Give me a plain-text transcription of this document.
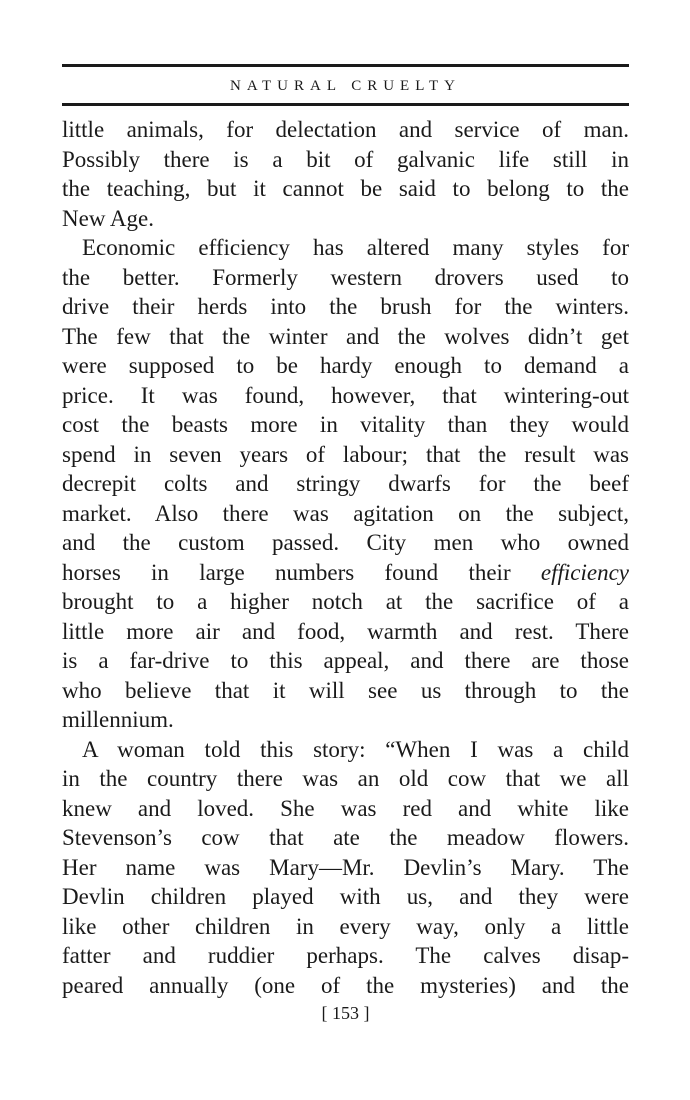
NATURAL CRUELTY
little animals, for delectation and service of man.
Possibly there is a bit of galvanic life still in
the teaching, but it cannot be said to belong to the
New Age.
Economic efficiency has altered many styles for
the better. Formerly western drovers used to
drive their herds into the brush for the winters.
The few that the winter and the wolves didn’t get
were supposed to be hardy enough to demand a
price. It was found, however, that wintering-out
cost the beasts more in vitality than they would
spend in seven years of labour; that the result was
decrepit colts and stringy dwarfs for the beef
market. Also there was agitation on the subject,
and the custom passed. City men who owned
horses in large numbers found their efficiency
brought to a higher notch at the sacrifice of a
little more air and food, warmth and rest. There
is a far-drive to this appeal, and there are those
who believe that it will see us through to the
millennium.
A woman told this story: “When I was a child
in the country there was an old cow that we all
knew and loved. She was red and white like
Stevenson’s cow that ate the meadow flowers.
Her name was Mary—Mr. Devlin’s Mary. The
Devlin children played with us, and they were
like other children in every way, only a little
fatter and ruddier perhaps. The calves disap-
peared annually (one of the mysteries) and the
[ 153 ]
